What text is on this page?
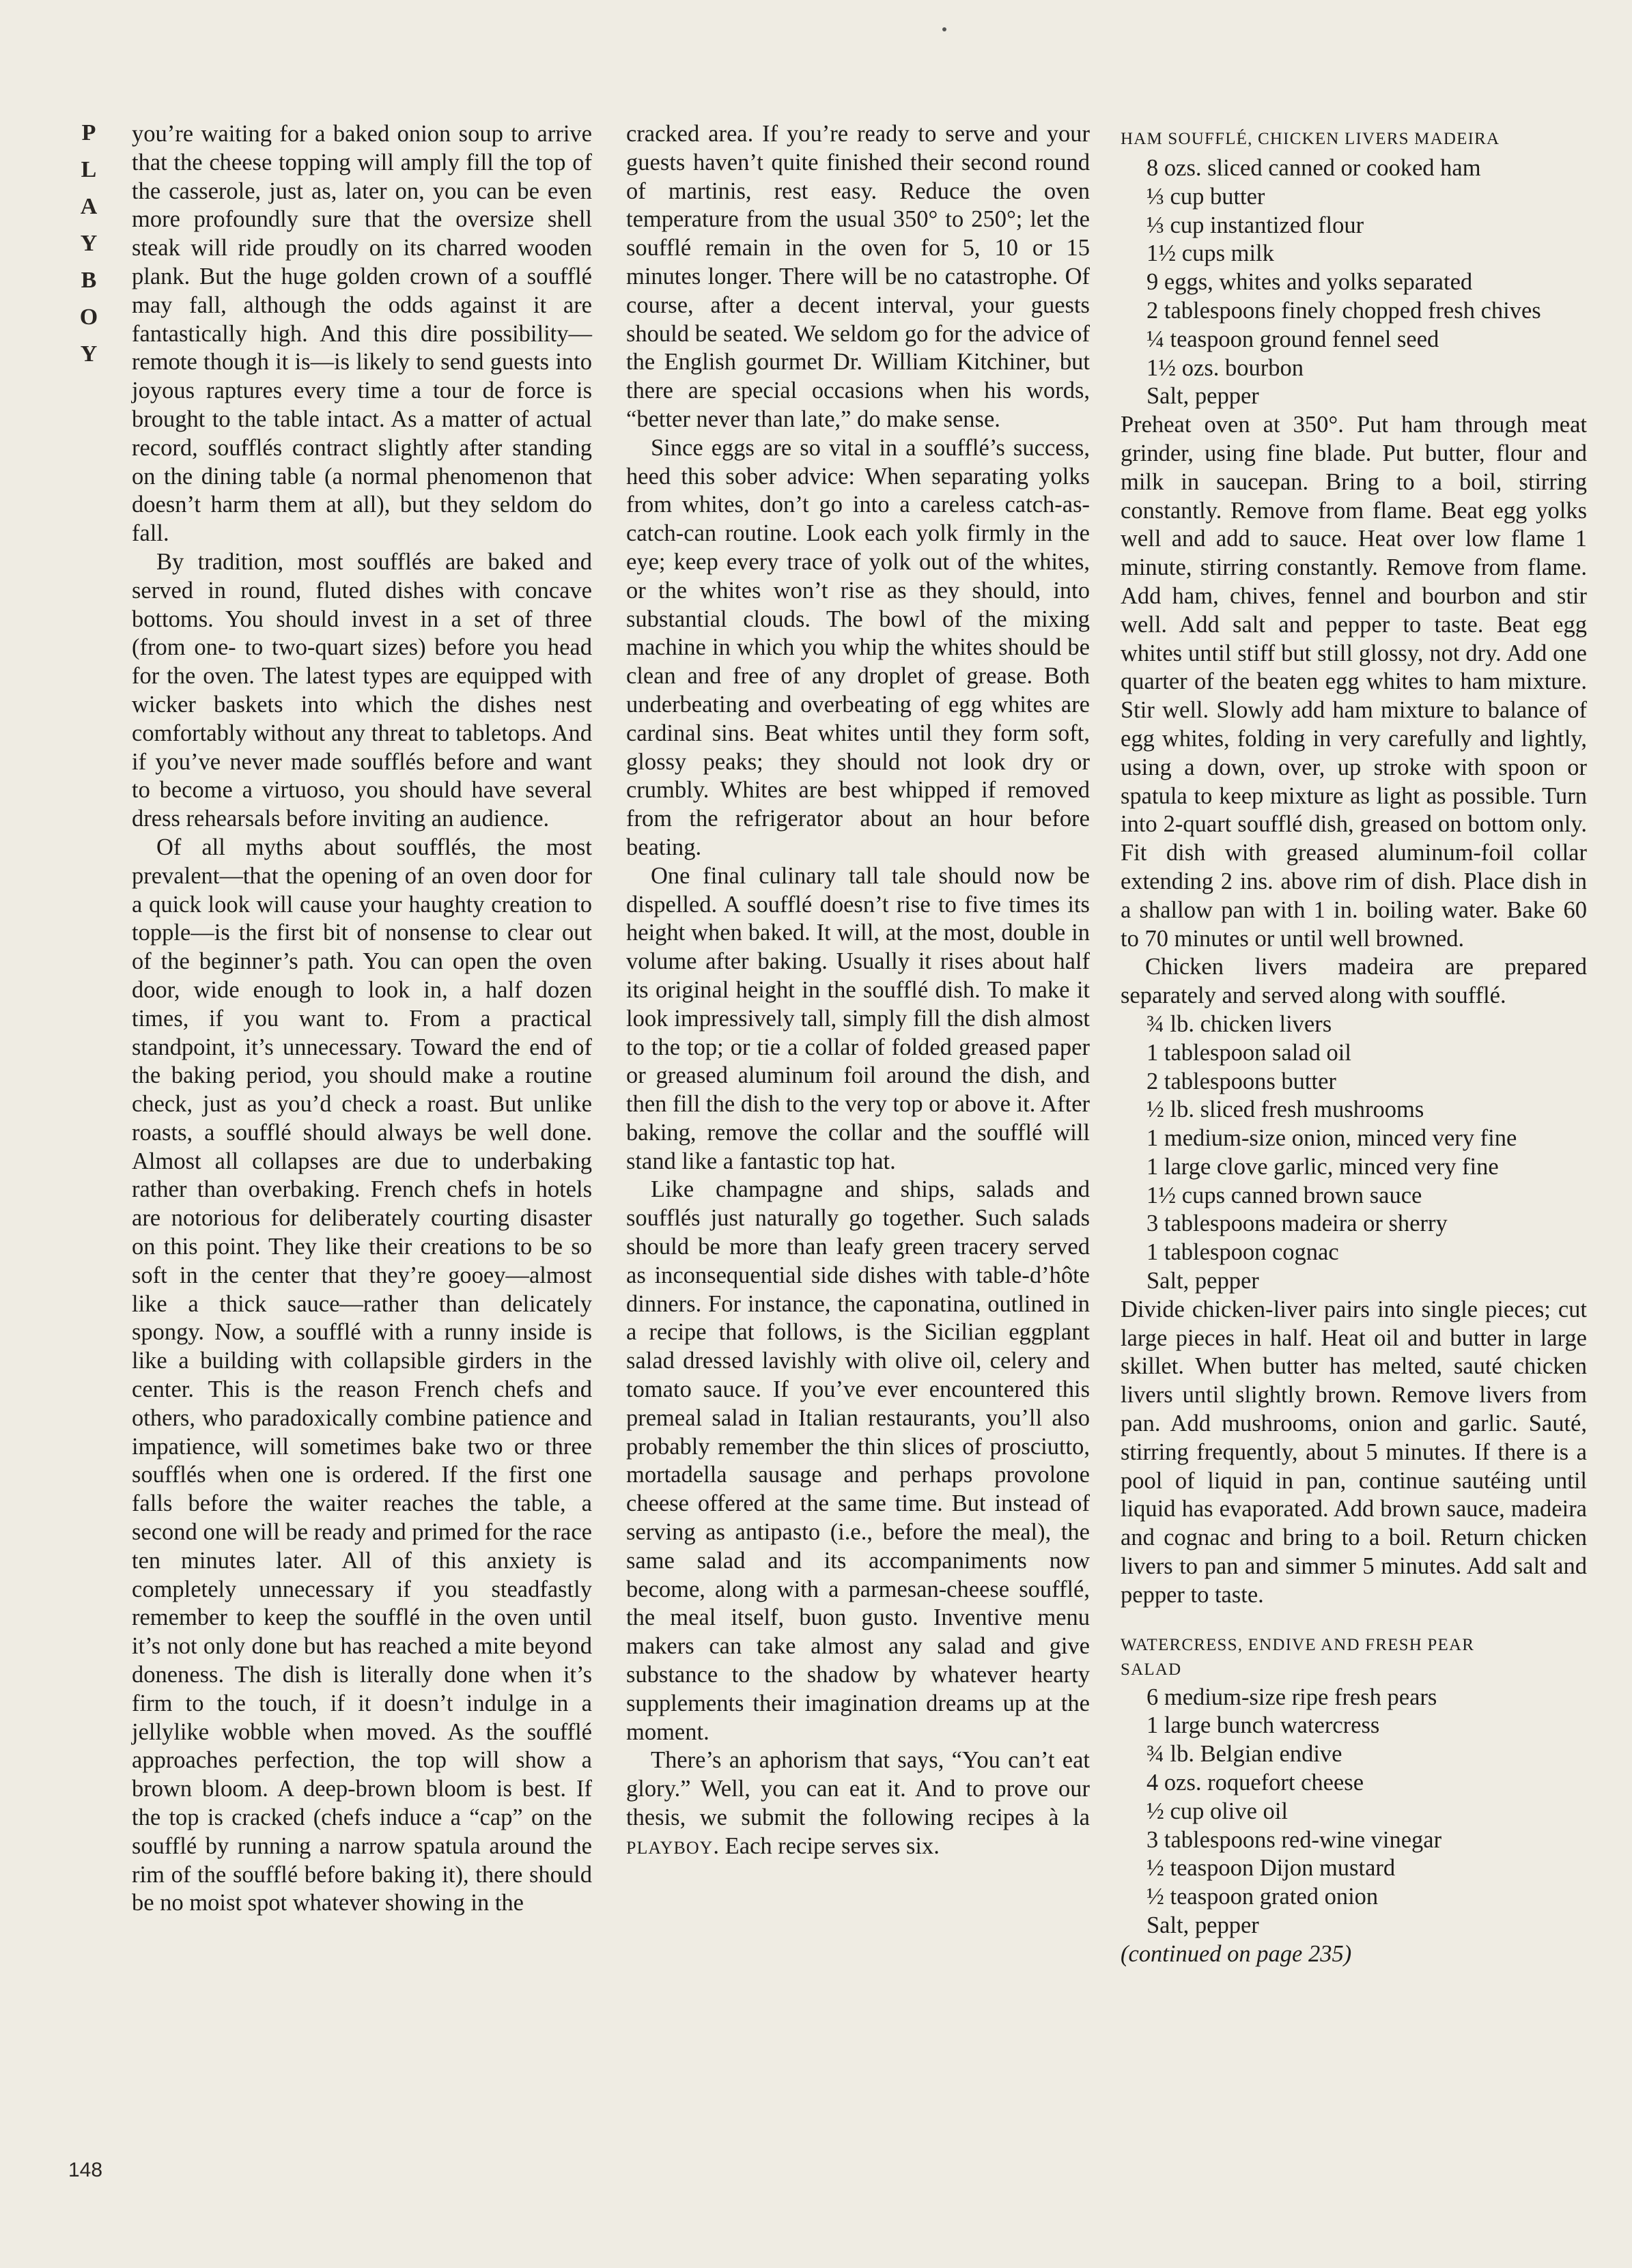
P
L
A
Y
B
O
Y
148

you’re waiting for a baked onion soup to arrive that the cheese topping will amply fill the top of the casserole, just as, later on, you can be even more profoundly sure that the oversize shell steak will ride proudly on its charred wooden plank. But the huge golden crown of a soufflé may fall, although the odds against it are fantastically high. And this dire possibility—remote though it is—is likely to send guests into joyous raptures every time a tour de force is brought to the table intact. As a matter of actual record, soufflés contract slightly after standing on the dining table (a normal phenomenon that doesn’t harm them at all), but they seldom do fall.

By tradition, most soufflés are baked and served in round, fluted dishes with concave bottoms. You should invest in a set of three (from one- to two-quart sizes) before you head for the oven. The latest types are equipped with wicker baskets into which the dishes nest comfortably without any threat to tabletops. And if you’ve never made soufflés before and want to become a virtuoso, you should have several dress rehearsals before inviting an audience.

Of all myths about soufflés, the most prevalent—that the opening of an oven door for a quick look will cause your haughty creation to topple—is the first bit of nonsense to clear out of the beginner’s path. You can open the oven door, wide enough to look in, a half dozen times, if you want to. From a practical standpoint, it’s unnecessary. Toward the end of the baking period, you should make a routine check, just as you’d check a roast. But unlike roasts, a soufflé should always be well done. Almost all collapses are due to underbaking rather than overbaking. French chefs in hotels are notorious for deliberately courting disaster on this point. They like their creations to be so soft in the center that they’re gooey—almost like a thick sauce—rather than delicately spongy. Now, a soufflé with a runny inside is like a building with collapsible girders in the center. This is the reason French chefs and others, who paradoxically combine patience and impatience, will sometimes bake two or three soufflés when one is ordered. If the first one falls before the waiter reaches the table, a second one will be ready and primed for the race ten minutes later. All of this anxiety is completely unnecessary if you steadfastly remember to keep the soufflé in the oven until it’s not only done but has reached a mite beyond doneness. The dish is literally done when it’s firm to the touch, if it doesn’t indulge in a jellylike wobble when moved. As the soufflé approaches perfection, the top will show a brown bloom. A deep-brown bloom is best. If the top is cracked (chefs induce a “cap” on the soufflé by running a narrow spatula around the rim of the soufflé before baking it), there should be no moist spot whatever showing in the

cracked area. If you’re ready to serve and your guests haven’t quite finished their second round of martinis, rest easy. Reduce the oven temperature from the usual 350° to 250°; let the soufflé remain in the oven for 5, 10 or 15 minutes longer. There will be no catastrophe. Of course, after a decent interval, your guests should be seated. We seldom go for the advice of the English gourmet Dr. William Kitchiner, but there are special occasions when his words, “better never than late,” do make sense.

Since eggs are so vital in a soufflé’s success, heed this sober advice: When separating yolks from whites, don’t go into a careless catch-as-catch-can routine. Look each yolk firmly in the eye; keep every trace of yolk out of the whites, or the whites won’t rise as they should, into substantial clouds. The bowl of the mixing machine in which you whip the whites should be clean and free of any droplet of grease. Both underbeating and overbeating of egg whites are cardinal sins. Beat whites until they form soft, glossy peaks; they should not look dry or crumbly. Whites are best whipped if removed from the refrigerator about an hour before beating.

One final culinary tall tale should now be dispelled. A soufflé doesn’t rise to five times its height when baked. It will, at the most, double in volume after baking. Usually it rises about half its original height in the soufflé dish. To make it look impressively tall, simply fill the dish almost to the top; or tie a collar of folded greased paper or greased aluminum foil around the dish, and then fill the dish to the very top or above it. After baking, remove the collar and the soufflé will stand like a fantastic top hat.

Like champagne and ships, salads and soufflés just naturally go together. Such salads should be more than leafy green tracery served as inconsequential side dishes with table-d’hôte dinners. For instance, the caponatina, outlined in a recipe that follows, is the Sicilian eggplant salad dressed lavishly with olive oil, celery and tomato sauce. If you’ve ever encountered this premeal salad in Italian restaurants, you’ll also probably remember the thin slices of prosciutto, mortadella sausage and perhaps provolone cheese offered at the same time. But instead of serving as antipasto (i.e., before the meal), the same salad and its accompaniments now become, along with a parmesan-cheese soufflé, the meal itself, buon gusto. Inventive menu makers can take almost any salad and give substance to the shadow by whatever hearty supplements their imagination dreams up at the moment.

There’s an aphorism that says, “You can’t eat glory.” Well, you can eat it. And to prove our thesis, we submit the following recipes à la PLAYBOY. Each recipe serves six.

HAM SOUFFLÉ, CHICKEN LIVERS MADEIRA

8 ozs. sliced canned or cooked ham
⅓ cup butter
⅓ cup instantized flour
1½ cups milk
9 eggs, whites and yolks separated
2 tablespoons finely chopped fresh chives
¼ teaspoon ground fennel seed
1½ ozs. bourbon
Salt, pepper

Preheat oven at 350°. Put ham through meat grinder, using fine blade. Put butter, flour and milk in saucepan. Bring to a boil, stirring constantly. Remove from flame. Beat egg yolks well and add to sauce. Heat over low flame 1 minute, stirring constantly. Remove from flame. Add ham, chives, fennel and bourbon and stir well. Add salt and pepper to taste. Beat egg whites until stiff but still glossy, not dry. Add one quarter of the beaten egg whites to ham mixture. Stir well. Slowly add ham mixture to balance of egg whites, folding in very carefully and lightly, using a down, over, up stroke with spoon or spatula to keep mixture as light as possible. Turn into 2-quart soufflé dish, greased on bottom only. Fit dish with greased aluminum-foil collar extending 2 ins. above rim of dish. Place dish in a shallow pan with 1 in. boiling water. Bake 60 to 70 minutes or until well browned.

Chicken livers madeira are prepared separately and served along with soufflé.

¾ lb. chicken livers
1 tablespoon salad oil
2 tablespoons butter
½ lb. sliced fresh mushrooms
1 medium-size onion, minced very fine
1 large clove garlic, minced very fine
1½ cups canned brown sauce
3 tablespoons madeira or sherry
1 tablespoon cognac
Salt, pepper

Divide chicken-liver pairs into single pieces; cut large pieces in half. Heat oil and butter in large skillet. When butter has melted, sauté chicken livers until slightly brown. Remove livers from pan. Add mushrooms, onion and garlic. Sauté, stirring frequently, about 5 minutes. If there is a pool of liquid in pan, continue sautéing until liquid has evaporated. Add brown sauce, madeira and cognac and bring to a boil. Return chicken livers to pan and simmer 5 minutes. Add salt and pepper to taste.

WATERCRESS, ENDIVE AND FRESH PEAR
SALAD

6 medium-size ripe fresh pears
1 large bunch watercress
¾ lb. Belgian endive
4 ozs. roquefort cheese
½ cup olive oil
3 tablespoons red-wine vinegar
½ teaspoon Dijon mustard
½ teaspoon grated onion
Salt, pepper

(continued on page 235)
